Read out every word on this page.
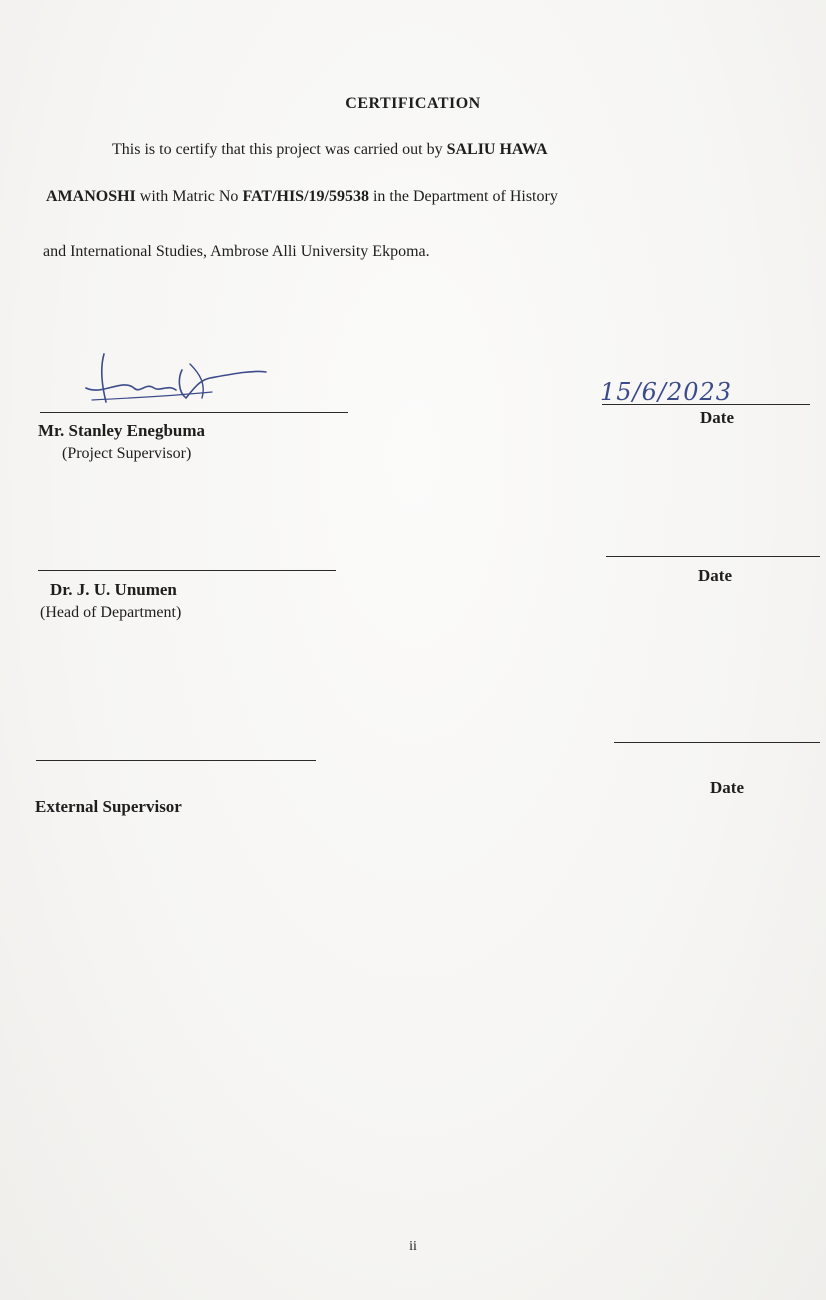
CERTIFICATION

This is to certify that this project was carried out by SALIU HAWA

AMANOSHI with Matric No FAT/HIS/19/59538 in the Department of History

and International Studies, Ambrose Alli University Ekpoma.

Mr. Stanley Enegbuma

(Project Supervisor)

15/6/2023

Date

Dr. J. U. Unumen

(Head of Department)

Date

External Supervisor

Date

ii
